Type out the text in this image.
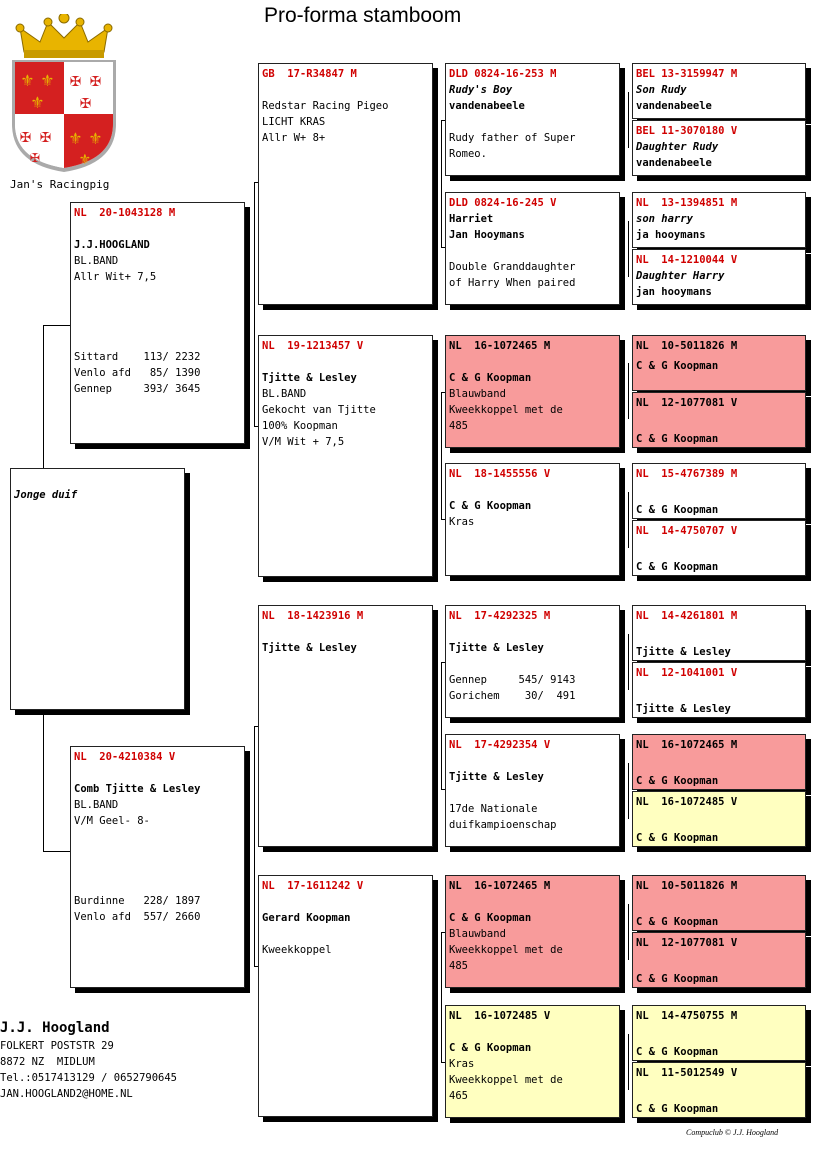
Pro-forma stamboom
⚜ ⚜
⚜
⚜ ⚜
⚜
✠ ✠
✠
✠ ✠
✠
Jan's Racingpig
Jonge duif
NL  20-1043128 M
J.J.HOOGLAND
BL.BAND
Allr Wit+ 7,5
Sittard    113/ 2232
Venlo afd   85/ 1390
Gennep     393/ 3645
NL  20-4210384 V
Comb Tjitte & Lesley
BL.BAND
V/M Geel- 8-
Burdinne   228/ 1897
Venlo afd  557/ 2660
GB  17-R34847 M
Redstar Racing Pigeo
LICHT KRAS
Allr W+ 8+
NL  19-1213457 V
Tjitte & Lesley
BL.BAND
Gekocht van Tjitte
100% Koopman
V/M Wit + 7,5
NL  18-1423916 M
Tjitte & Lesley
NL  17-1611242 V
Gerard Koopman
Kweekkoppel
DLD 0824-16-253 M
Rudy's Boy
vandenabeele
Rudy father of Super
Romeo.
DLD 0824-16-245 V
Harriet
Jan Hooymans
Double Granddaughter
of Harry When paired
NL  16-1072465 M
C & G Koopman
Blauwband
Kweekkoppel met de
485
NL  18-1455556 V
C & G Koopman
Kras
NL  17-4292325 M
Tjitte & Lesley
Gennep     545/ 9143
Gorichem    30/  491
NL  17-4292354 V
Tjitte & Lesley
17de Nationale
duifkampioenschap
NL  16-1072465 M
C & G Koopman
Blauwband
Kweekkoppel met de
485
NL  16-1072485 V
C & G Koopman
Kras
Kweekkoppel met de
465
BEL 13-3159947 M
Son Rudy
vandenabeele
BEL 11-3070180 V
Daughter Rudy
vandenabeele
NL  13-1394851 M
son harry
ja hooymans
NL  14-1210044 V
Daughter Harry
jan hooymans
NL  10-5011826 M
C & G Koopman
NL  12-1077081 V
C & G Koopman
NL  15-4767389 M
C & G Koopman
NL  14-4750707 V
C & G Koopman
NL  14-4261801 M
Tjitte & Lesley
NL  12-1041001 V
Tjitte & Lesley
NL  16-1072465 M
C & G Koopman
NL  16-1072485 V
C & G Koopman
NL  10-5011826 M
C & G Koopman
NL  12-1077081 V
C & G Koopman
NL  14-4750755 M
C & G Koopman
NL  11-5012549 V
C & G Koopman
J.J. Hoogland
FOLKERT POSTSTR 29
8872 NZ  MIDLUM
Tel.:0517413129 / 0652790645
JAN.HOOGLAND2@HOME.NL
Compuclub © J.J. Hoogland
